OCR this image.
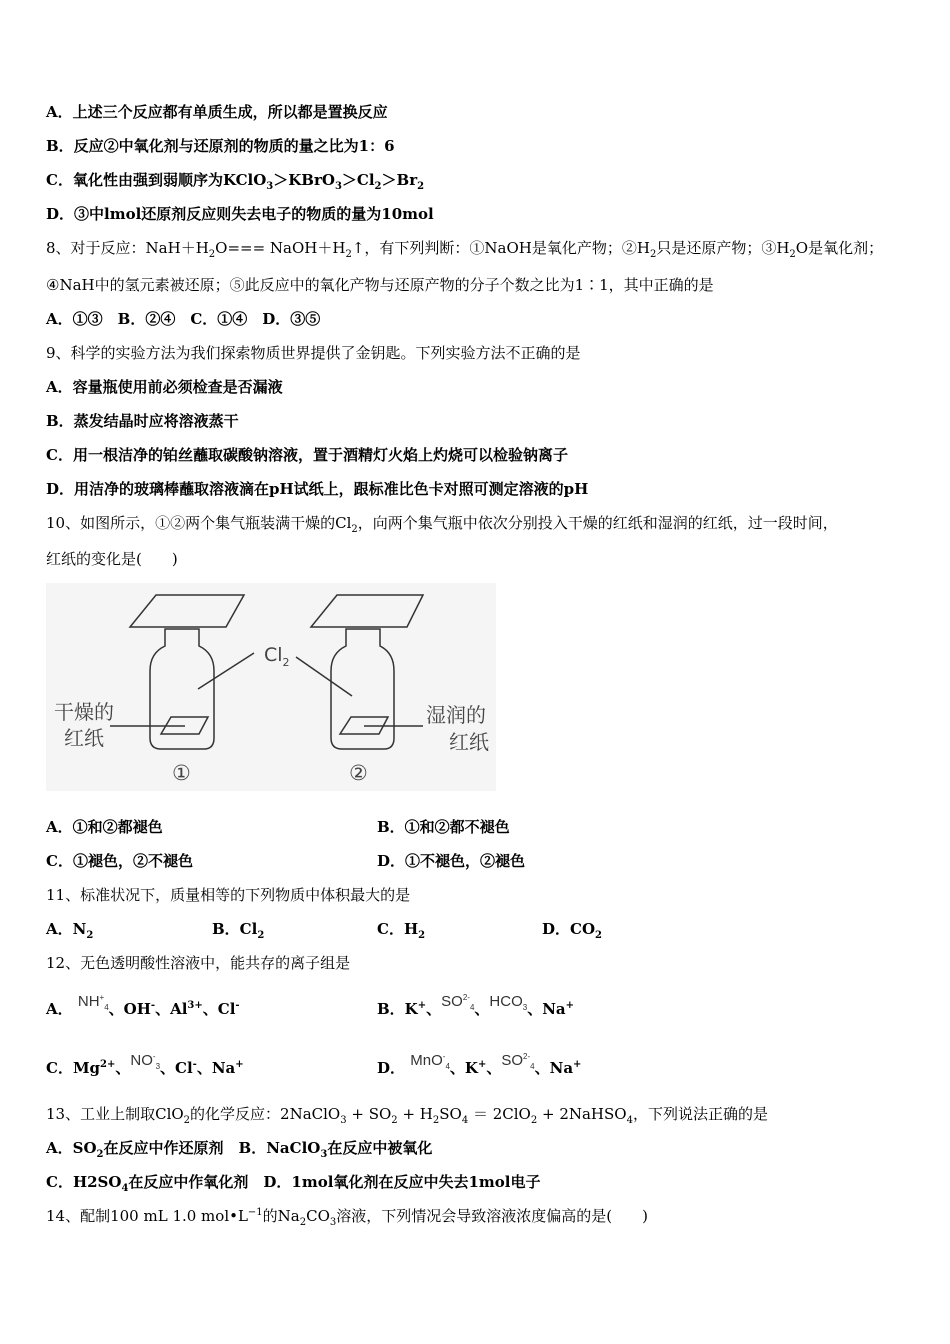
A．上述三个反应都有单质生成，所以都是置换反应
B．反应②中氧化剂与还原剂的物质的量之比为1：6
C．氧化性由强到弱顺序为$KClO_3>KBrO_3>Cl_2>Br_2$
D．③中lmol还原剂反应则失去电子的物质的量为10mol
8、对于反应：$NaH+H_2O===$ $NaOH+H_2↑$，有下列判断：①NaOH是氧化产物；$②H_2$只是还原产物；$③H_2O$是氧化剂；
④NaH中的氢元素被还原；⑤此反应中的氧化产物与还原产物的分子个数之比为1∶1，其中正确的是
A．①③　B．②④　C．①④　D．③⑤
9、科学的实验方法为我们探索物质世界提供了金钥匙。下列实验方法不正确的是
A．容量瓶使用前必须检查是否漏液
B．蒸发结晶时应将溶液蒸干
C．用一根洁净的铂丝蘸取碳酸钠溶液，置于酒精灯火焰上灼烧可以检验钠离子
D．用洁净的玻璃棒蘸取溶液滴在pH试纸上，跟标准比色卡对照可测定溶液的pH
10、如图所示，①②两个集气瓶装满干燥的$Cl_2$，向两个集气瓶中依次分别投入干燥的红纸和湿润的红纸，过一段时间，
红纸的变化是(　　)
$Cl_2$
干燥的
红纸
湿润的
红纸
①	②
A．①和②都褪色	B．①和②都不褪色
C．①褪色，②不褪色	D．①不褪色，②褪色
11、标准状况下，质量相等的下列物质中体积最大的是
A．$N_2$	B．$Cl_2$	C．$H_2$	D．$CO_2$
12、无色透明酸性溶液中，能共存的离子组是
A． $NH^+_4$、OH-、$Al^{3+}$、Cl-	B．K+、$SO^{2-}_4$、$HCO_3$、Na+
C．$Mg^{2+}$、$NO^-_3$、Cl-、Na+	D． MnO-$_4$、K+、$SO^{2-}_4$、Na+
13、工业上制取ClO$_2$的化学反应：2NaClO$_3$ + $SO_2 + H_2SO_4 = 2ClO_2$ + 2NaHSO$_4$，下列说法正确的是
A．$SO_2$在反应中作还原剂　B．NaClO$_3$在反应中被氧化
C．$H2SO_4$在反应中作氧化剂　D．1mol氧化剂在反应中失去1mol电子
14、配制100 mL 1.0 $mol•L^{-1}$的$Na_2CO_3$溶液，下列情况会导致溶液浓度偏高的是(　　)
